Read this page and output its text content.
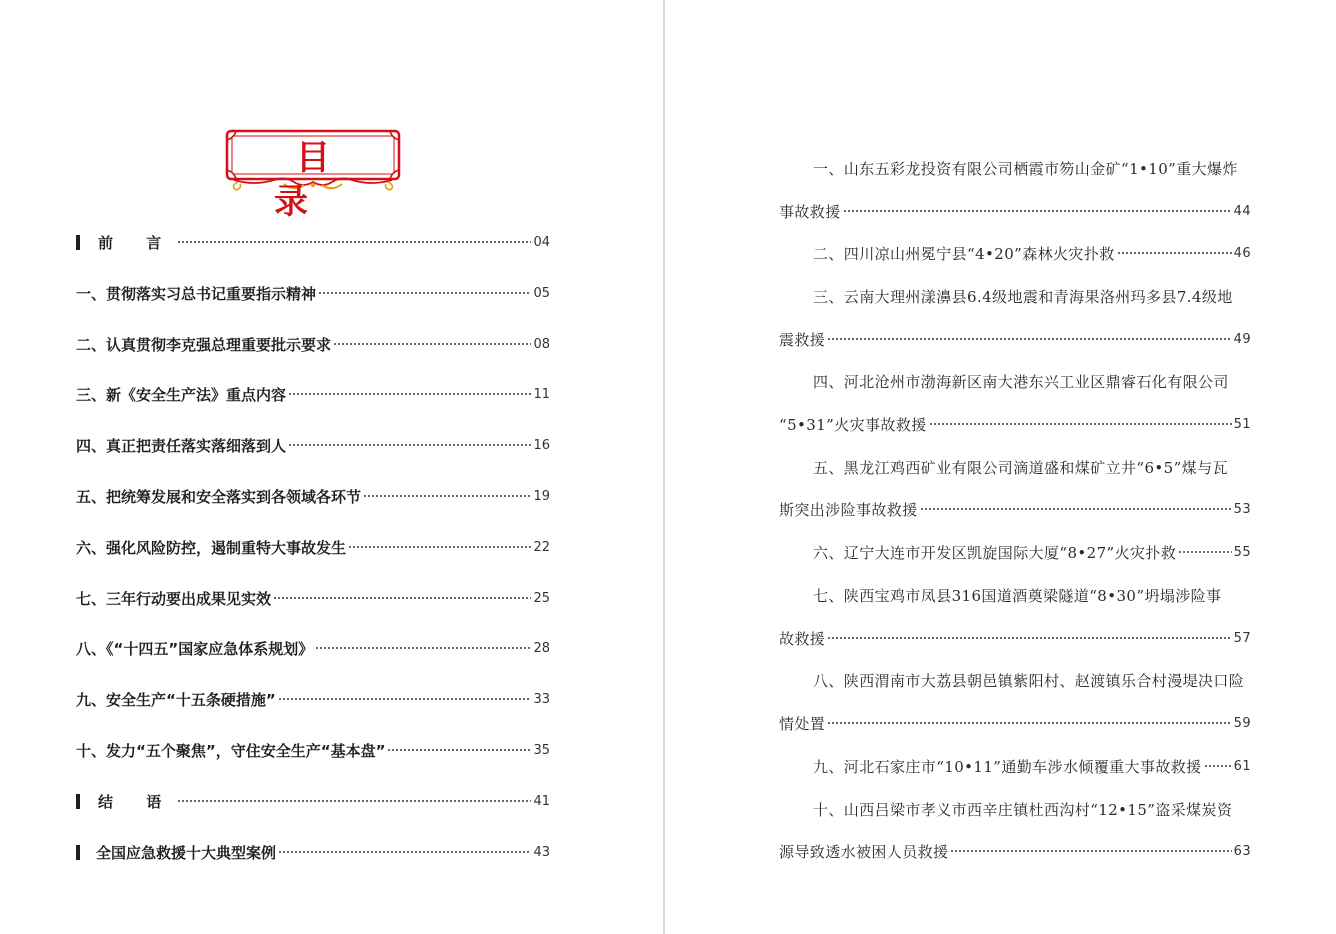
目 录
前 言	04
一、贯彻落实习总书记重要指示精神	05
二、认真贯彻李克强总理重要批示要求	08
三、新《安全生产法》重点内容	11
四、真正把责任落实落细落到人	16
五、把统筹发展和安全落实到各领域各环节	19
六、强化风险防控，遏制重特大事故发生	22
七、三年行动要出成果见实效	25
八、《“十四五”国家应急体系规划》	28
九、安全生产“十五条硬措施”	33
十、发力“五个聚焦”，守住安全生产“基本盘”	35
结 语	41
全国应急救援十大典型案例	43
一、山东五彩龙投资有限公司栖霞市笏山金矿“1•10”重大爆炸
事故救援	44
二、四川凉山州冕宁县“4•20”森林火灾扑救	46
三、云南大理州漾濞县6.4级地震和青海果洛州玛多县7.4级地
震救援	49
四、河北沧州市渤海新区南大港东兴工业区鼎睿石化有限公司
“5•31”火灾事故救援	51
五、黑龙江鸡西矿业有限公司滴道盛和煤矿立井“6•5”煤与瓦
斯突出涉险事故救援	53
六、辽宁大连市开发区凯旋国际大厦“8•27”火灾扑救	55
七、陕西宝鸡市凤县316国道酒奠梁隧道“8•30”坍塌涉险事
故救援	57
八、陕西渭南市大荔县朝邑镇紫阳村、赵渡镇乐合村漫堤决口险
情处置	59
九、河北石家庄市“10•11”通勤车涉水倾覆重大事故救援 61
十、山西吕梁市孝义市西辛庄镇杜西沟村“12•15”盗采煤炭资
源导致透水被困人员救援	63
